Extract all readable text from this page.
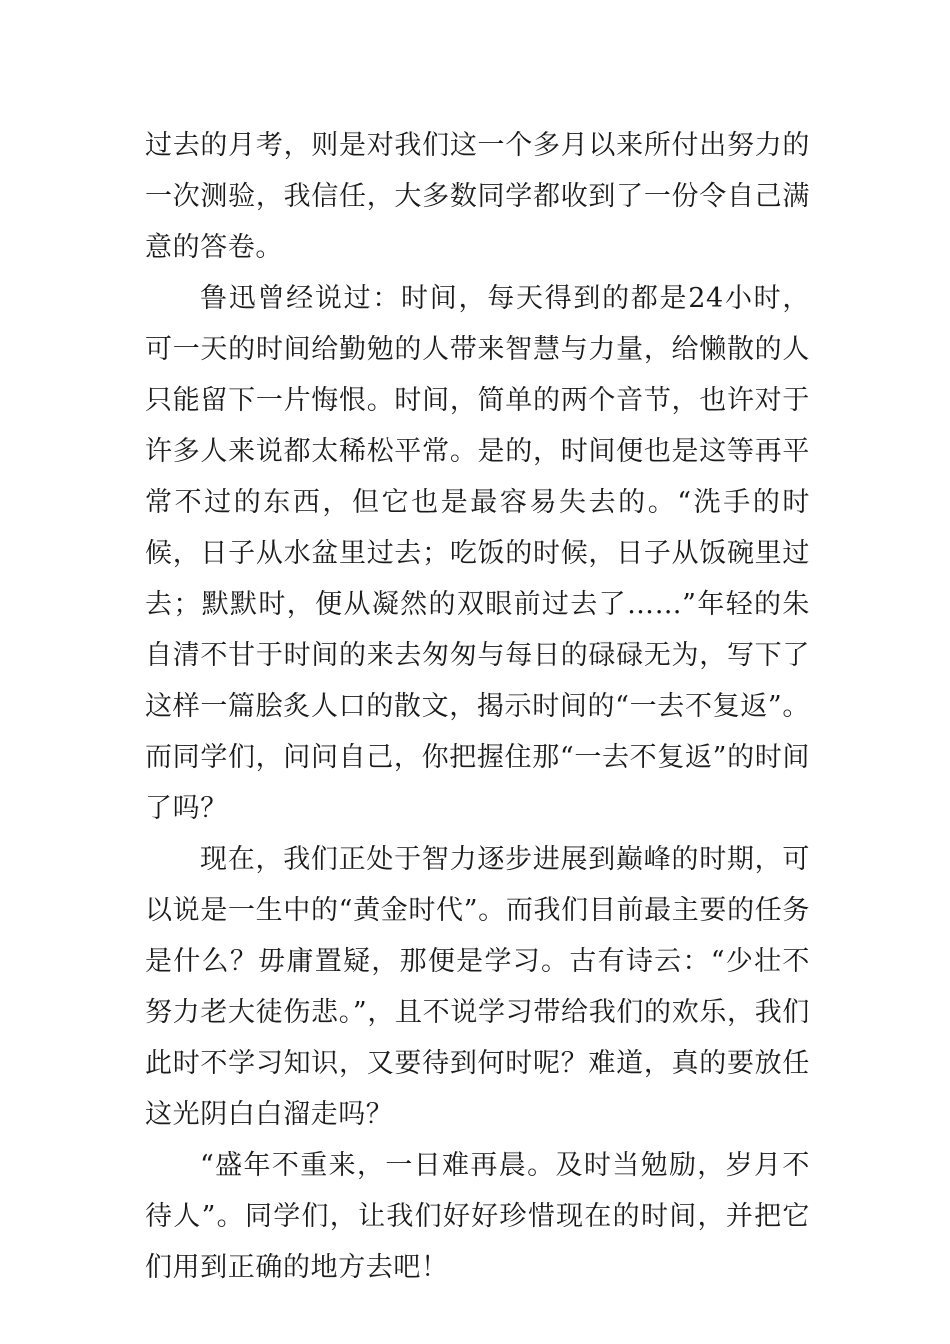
过去的月考，则是对我们这一个多月以来所付出努力的一次测验，我信任，大多数同学都收到了一份令自己满意的答卷。

鲁迅曾经说过：时间，每天得到的都是24小时，可一天的时间给勤勉的人带来智慧与力量，给懒散的人只能留下一片悔恨。时间，简单的两个音节，也许对于许多人来说都太稀松平常。是的，时间便也是这等再平常不过的东西，但它也是最容易失去的。“洗手的时候，日子从水盆里过去；吃饭的时候，日子从饭碗里过去；默默时，便从凝然的双眼前过去了……”年轻的朱自清不甘于时间的来去匆匆与每日的碌碌无为，写下了这样一篇脍炙人口的散文，揭示时间的“一去不复返”。而同学们，问问自己，你把握住那“一去不复返”的时间了吗？

现在，我们正处于智力逐步进展到巅峰的时期，可以说是一生中的“黄金时代”。而我们目前最主要的任务是什么？毋庸置疑，那便是学习。古有诗云：“少壮不努力老大徒伤悲。”，且不说学习带给我们的欢乐，我们此时不学习知识，又要待到何时呢？难道，真的要放任这光阴白白溜走吗？

“盛年不重来，一日难再晨。及时当勉励，岁月不待人”。同学们，让我们好好珍惜现在的时间，并把它们用到正确的地方去吧！
